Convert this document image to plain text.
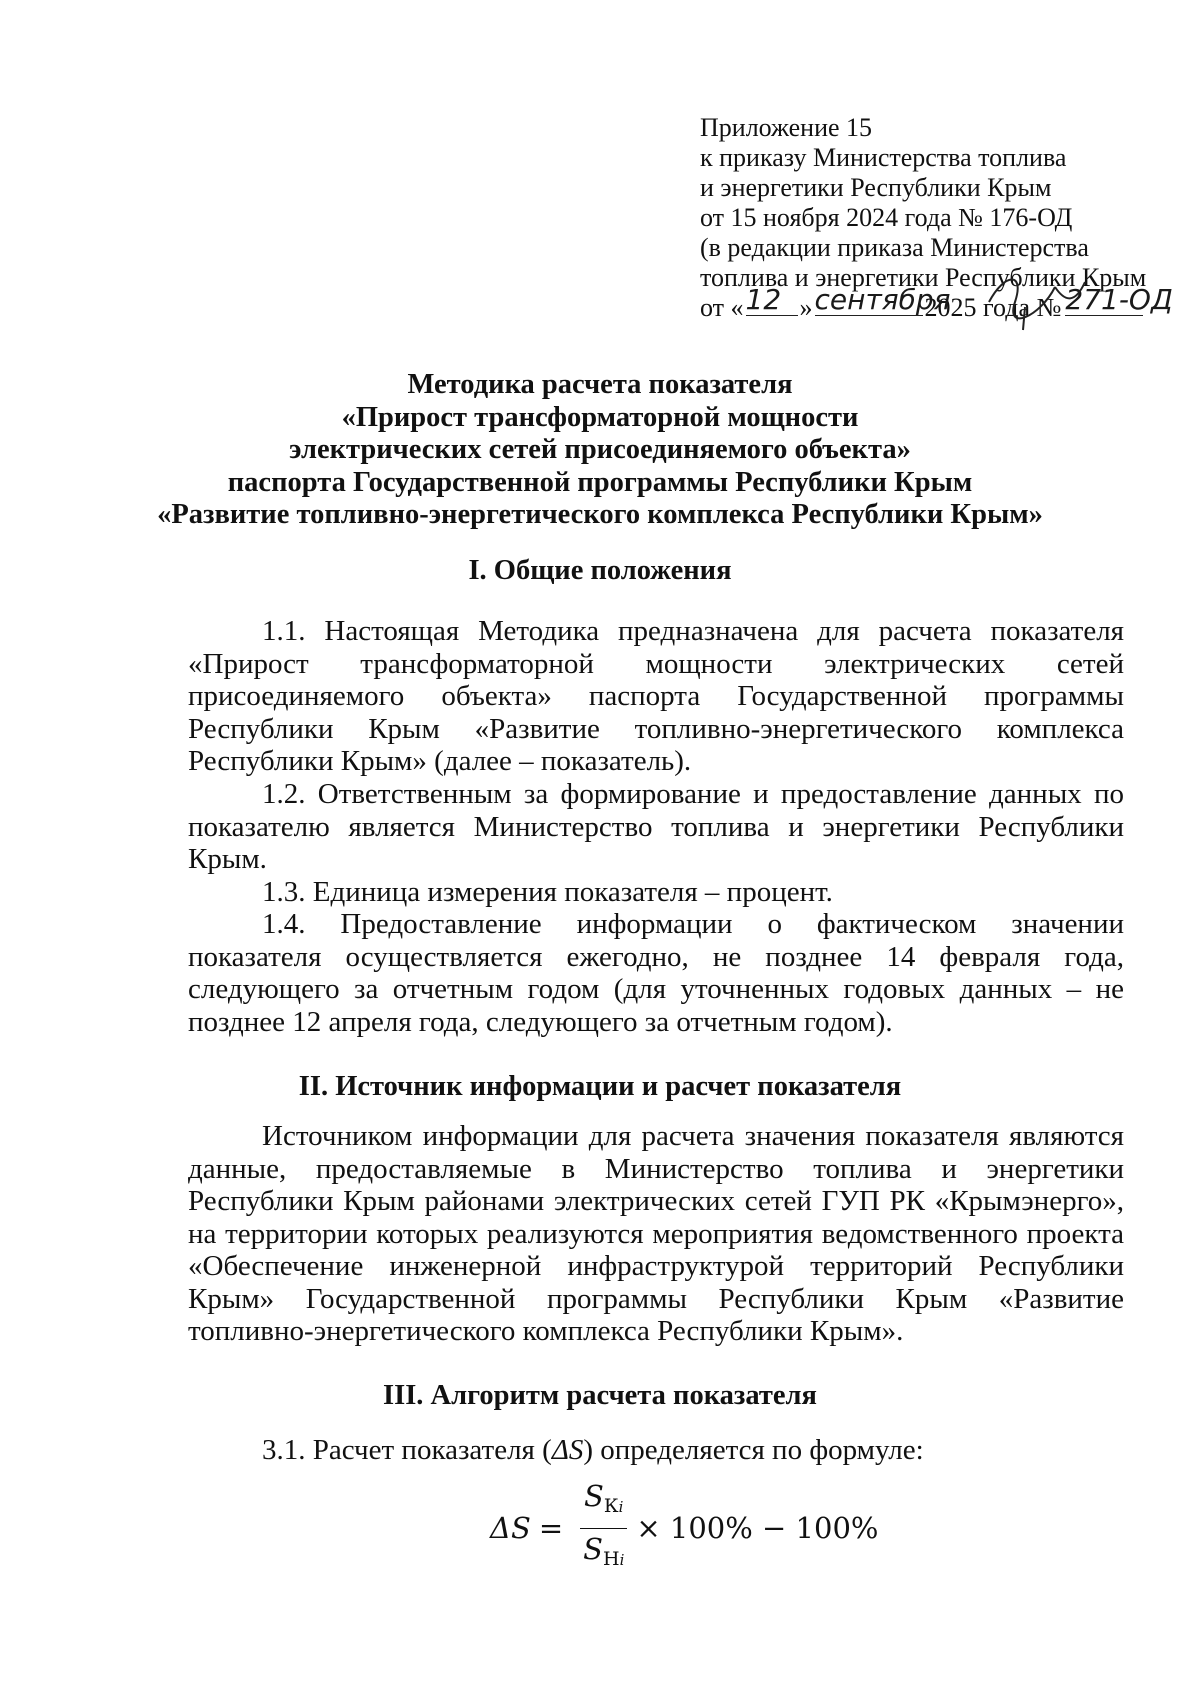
Приложение 15
к приказу Министерства топлива
и энергетики Республики Крым
от 15 ноября 2024 года № 176-ОД
(в редакции приказа Министерства
топлива и энергетики Республики Крым
от « 12 » сентября
2025 года № 271-ОД
Методика расчета показателя
«Прирост трансформаторной мощности
электрических сетей присоединяемого объекта»
паспорта Государственной программы Республики Крым
«Развитие топливно-энергетического комплекса Республики Крым»
I. Общие положения

1.1. Настоящая Методика предназначена для расчета показателя «Прирост трансформаторной мощности электрических сетей присоединяемого объекта» паспорта Государственной программы Республики Крым «Развитие топливно-энергетического комплекса Республики Крым» (далее – показатель).

1.2. Ответственным за формирование и предоставление данных по показателю является Министерство топлива и энергетики Республики Крым.

1.3. Единица измерения показателя – процент.

1.4. Предоставление информации о фактическом значении показателя осуществляется ежегодно, не позднее 14 февраля года, следующего за отчетным годом (для уточненных годовых данных – не позднее 12 апреля года, следующего за отчетным годом).

II. Источник информации и расчет показателя

Источником информации для расчета значения показателя являются данные, предоставляемые в Министерство топлива и энергетики Республики Крым районами электрических сетей ГУП РК «Крымэнерго», на территории которых реализуются мероприятия ведомственного проекта «Обеспечение инженерной инфраструктурой территорий Республики Крым» Государственной программы Республики Крым «Развитие топливно-энергетического комплекса Республики Крым».

III. Алгоритм расчета показателя

3.1. Расчет показателя (ΔS) определяется по формуле:

$\Delta S = \frac{S_{Кi}}{S_{Нi}} \times 100\% - 100\%$
